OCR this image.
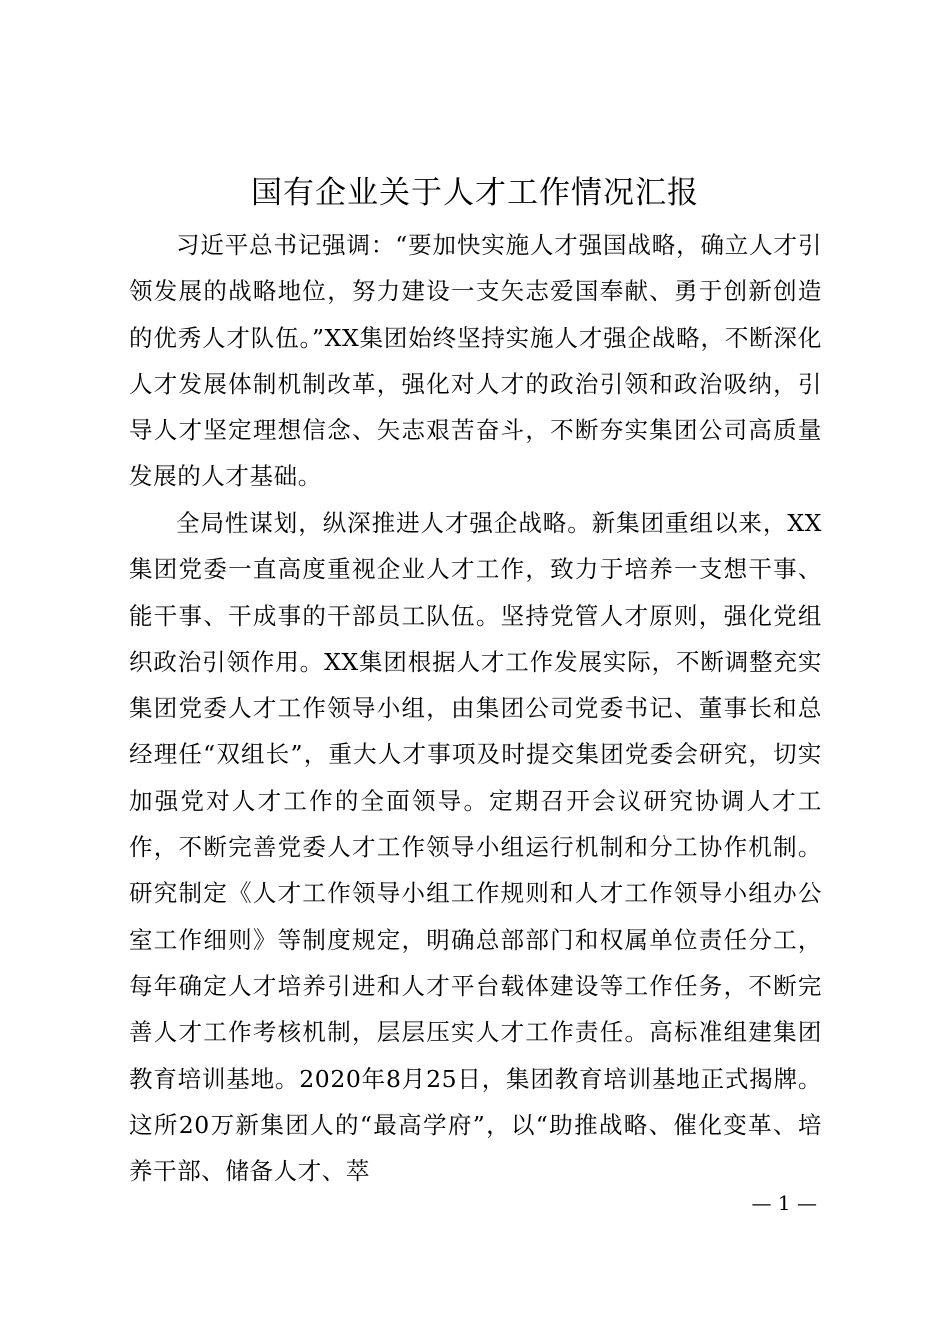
国有企业关于人才工作情况汇报

习近平总书记强调：“要加快实施人才强国战略，确立人才引领发展的战略地位，努力建设一支矢志爱国奉献、勇于创新创造的优秀人才队伍。”XX集团始终坚持实施人才强企战略，不断深化人才发展体制机制改革，强化对人才的政治引领和政治吸纳，引导人才坚定理想信念、矢志艰苦奋斗，不断夯实集团公司高质量发展的人才基础。

全局性谋划，纵深推进人才强企战略。新集团重组以来，XX集团党委一直高度重视企业人才工作，致力于培养一支想干事、能干事、干成事的干部员工队伍。坚持党管人才原则，强化党组织政治引领作用。XX集团根据人才工作发展实际，不断调整充实集团党委人才工作领导小组，由集团公司党委书记、董事长和总经理任“双组长”，重大人才事项及时提交集团党委会研究，切实加强党对人才工作的全面领导。定期召开会议研究协调人才工作，不断完善党委人才工作领导小组运行机制和分工协作机制。研究制定《人才工作领导小组工作规则和人才工作领导小组办公室工作细则》等制度规定，明确总部部门和权属单位责任分工，每年确定人才培养引进和人才平台载体建设等工作任务，不断完善人才工作考核机制，层层压实人才工作责任。高标准组建集团教育培训基地。2020年8月25日，集团教育培训基地正式揭牌。这所20万新集团人的“最高学府”，以“助推战略、催化变革、培养干部、储备人才、萃

— 1 —
